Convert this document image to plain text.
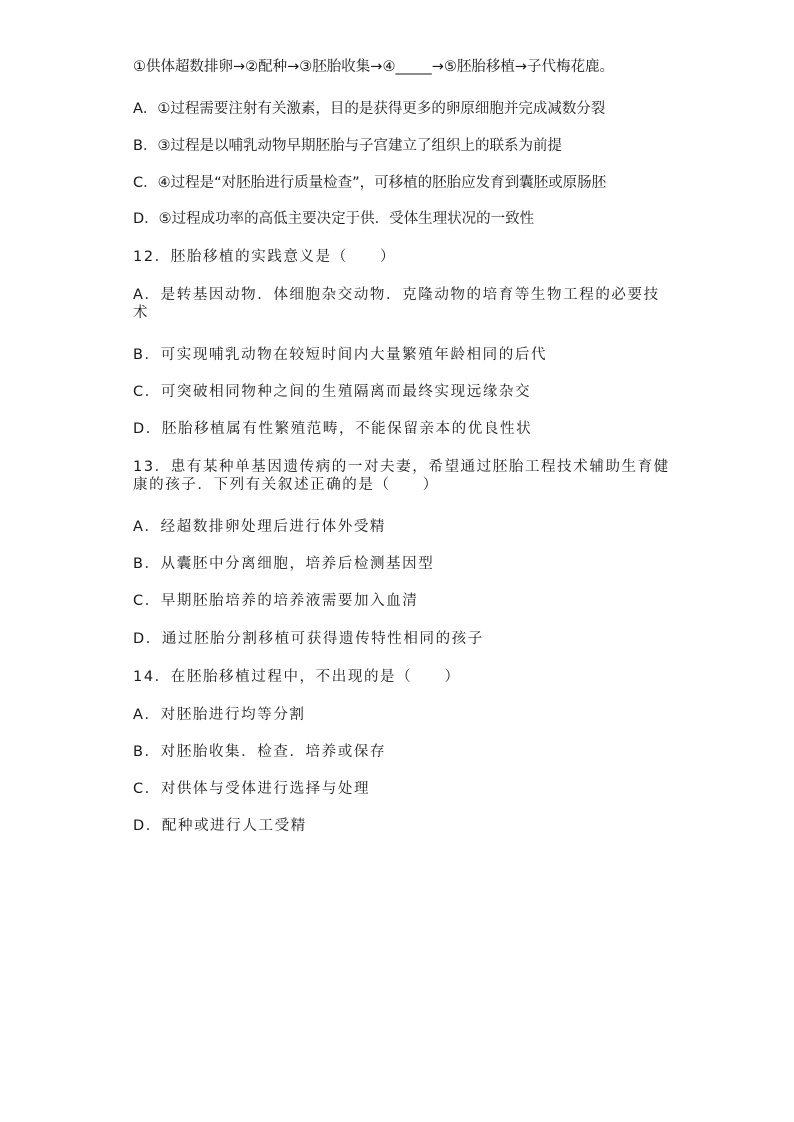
①供体超数排卵→②配种→③胚胎收集→④_____→⑤胚胎移植→子代梅花鹿。
A．①过程需要注射有关激素，目的是获得更多的卵原细胞并完成减数分裂
B．③过程是以哺乳动物早期胚胎与子宫建立了组织上的联系为前提
C．④过程是“对胚胎进行质量检查”，可移植的胚胎应发育到囊胚或原肠胚
D．⑤过程成功率的高低主要决定于供．受体生理状况的一致性
12．胚胎移植的实践意义是（　　）
A．是转基因动物．体细胞杂交动物．克隆动物的培育等生物工程的必要技术
B．可实现哺乳动物在较短时间内大量繁殖年龄相同的后代
C．可突破相同物种之间的生殖隔离而最终实现远缘杂交
D．胚胎移植属有性繁殖范畴，不能保留亲本的优良性状
13．患有某种单基因遗传病的一对夫妻，希望通过胚胎工程技术辅助生育健康的孩子．下列有关叙述正确的是（　　）
A．经超数排卵处理后进行体外受精
B．从囊胚中分离细胞，培养后检测基因型
C．早期胚胎培养的培养液需要加入血清
D．通过胚胎分割移植可获得遗传特性相同的孩子
14．在胚胎移植过程中，不出现的是（　　）
A．对胚胎进行均等分割
B．对胚胎收集．检查．培养或保存
C．对供体与受体进行选择与处理
D．配种或进行人工受精
